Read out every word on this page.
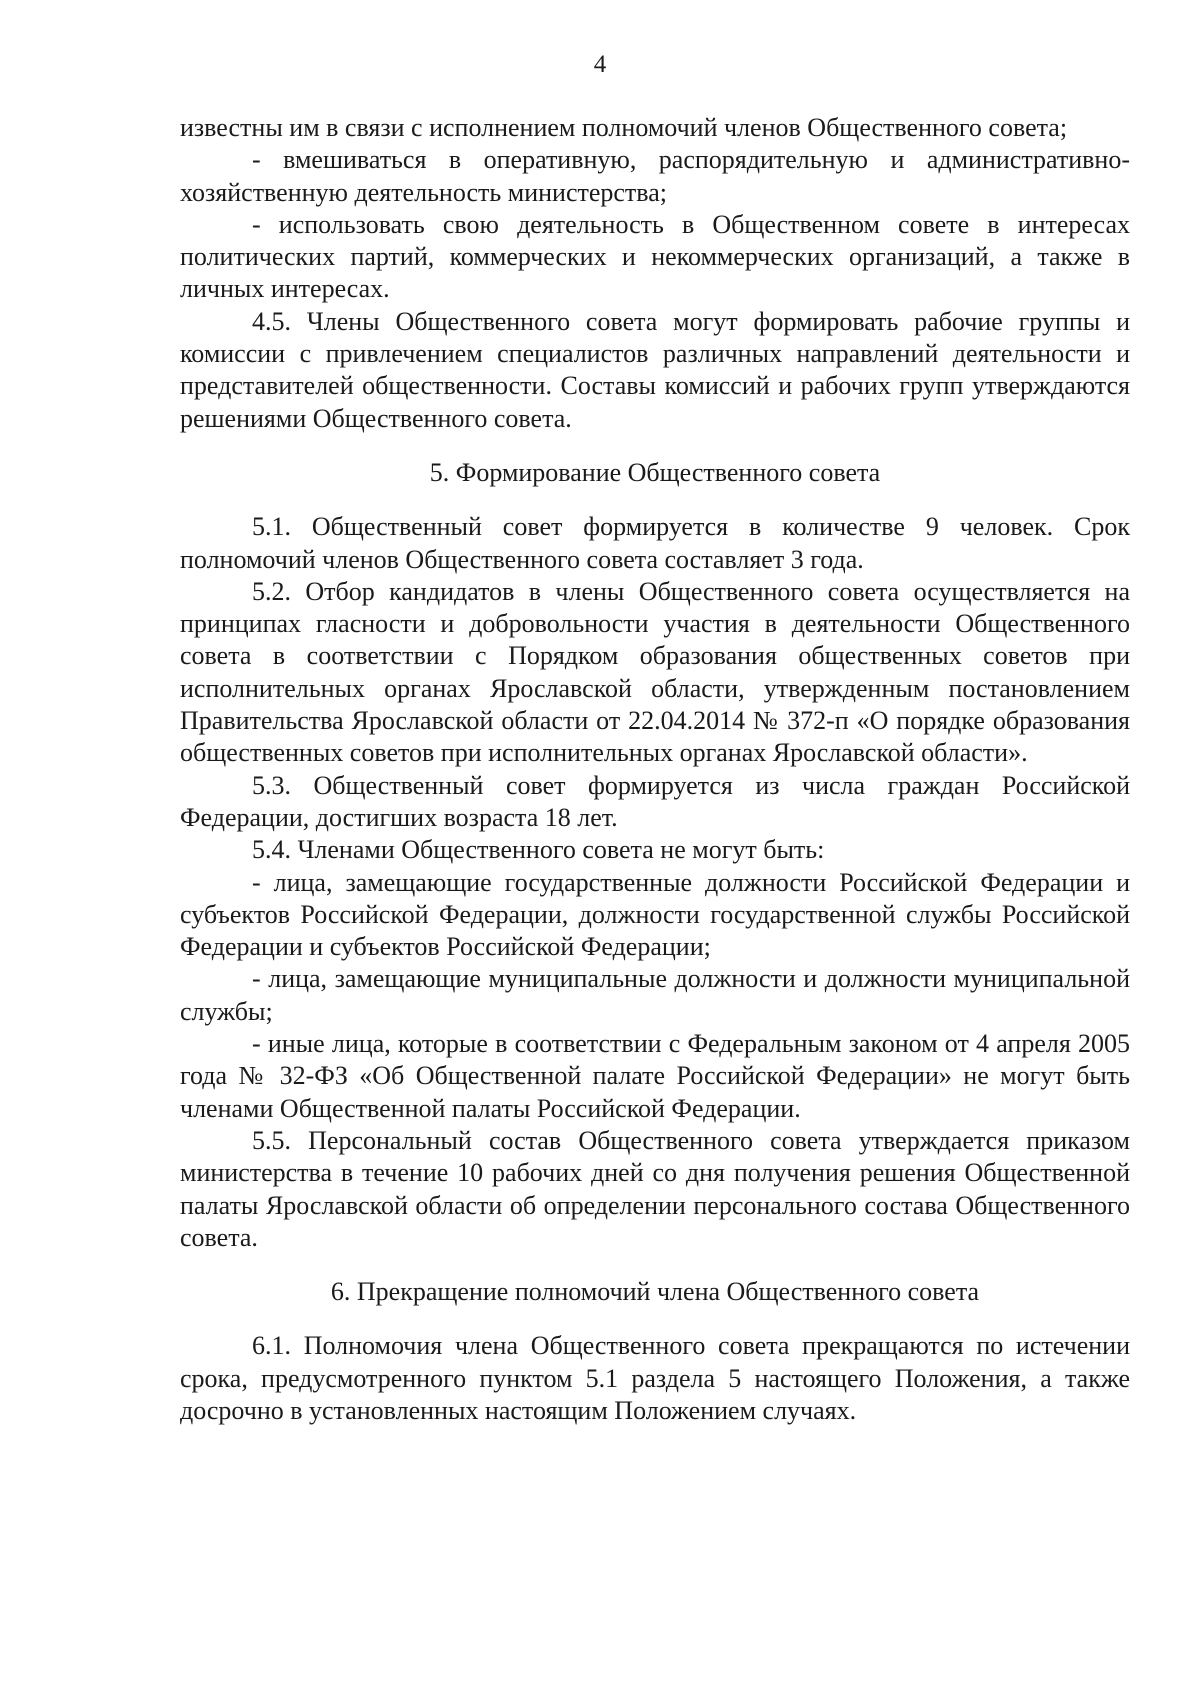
4

известны им в связи с исполнением полномочий членов Общественного совета;

- вмешиваться в оперативную, распорядительную и административно-хозяйственную деятельность министерства;

- использовать свою деятельность в Общественном совете в интересах политических партий, коммерческих и некоммерческих организаций, а также в личных интересах.

4.5. Члены Общественного совета могут формировать рабочие группы и комиссии с привлечением специалистов различных направлений деятельности и представителей общественности. Составы комиссий и рабочих групп утверждаются решениями Общественного совета.

5. Формирование Общественного совета

5.1. Общественный совет формируется в количестве 9 человек. Срок полномочий членов Общественного совета составляет 3 года.

5.2. Отбор кандидатов в члены Общественного совета осуществляется на принципах гласности и добровольности участия в деятельности Общественного совета в соответствии с Порядком образования общественных советов при исполнительных органах Ярославской области, утвержденным постановлением Правительства Ярославской области от 22.04.2014 № 372-п «О порядке образования общественных советов при исполнительных органах Ярославской области».

5.3. Общественный совет формируется из числа граждан Российской Федерации, достигших возраста 18 лет.

5.4. Членами Общественного совета не могут быть:

- лица, замещающие государственные должности Российской Федерации и субъектов Российской Федерации, должности государственной службы Российской Федерации и субъектов Российской Федерации;

- лица, замещающие муниципальные должности и должности муниципальной службы;

- иные лица, которые в соответствии с Федеральным законом от 4 апреля 2005 года № 32-ФЗ «Об Общественной палате Российской Федерации» не могут быть членами Общественной палаты Российской Федерации.

5.5. Персональный состав Общественного совета утверждается приказом министерства в течение 10 рабочих дней со дня получения решения Общественной палаты Ярославской области об определении персонального состава Общественного совета.

6. Прекращение полномочий члена Общественного совета

6.1. Полномочия члена Общественного совета прекращаются по истечении срока, предусмотренного пунктом 5.1 раздела 5 настоящего Положения, а также досрочно в установленных настоящим Положением случаях.
